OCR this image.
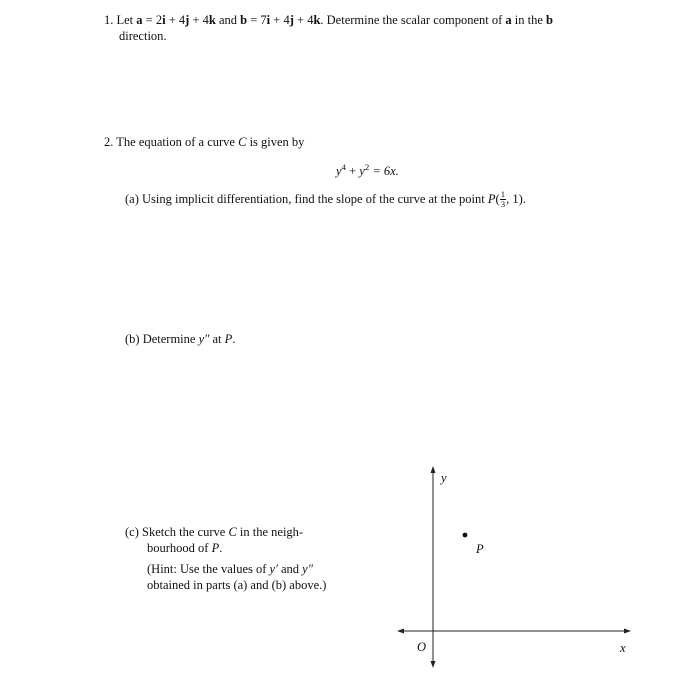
1. Let a = 2i + 4j + 4k and b = 7i + 4j + 4k. Determine the scalar component of a in the b
direction.
2. The equation of a curve C is given by
$y^4 + y^2 = 6x$.
(a) Using implicit differentiation, find the slope of the curve at the point $P( \frac{1}{3}$ , 1).
(b) Determine y″ at P.
(c) Sketch the curve C in the neigh-
bourhood of P.
(Hint: Use the values of y′ and y″
obtained in parts (a) and (b) above.)
y
P
O	x
